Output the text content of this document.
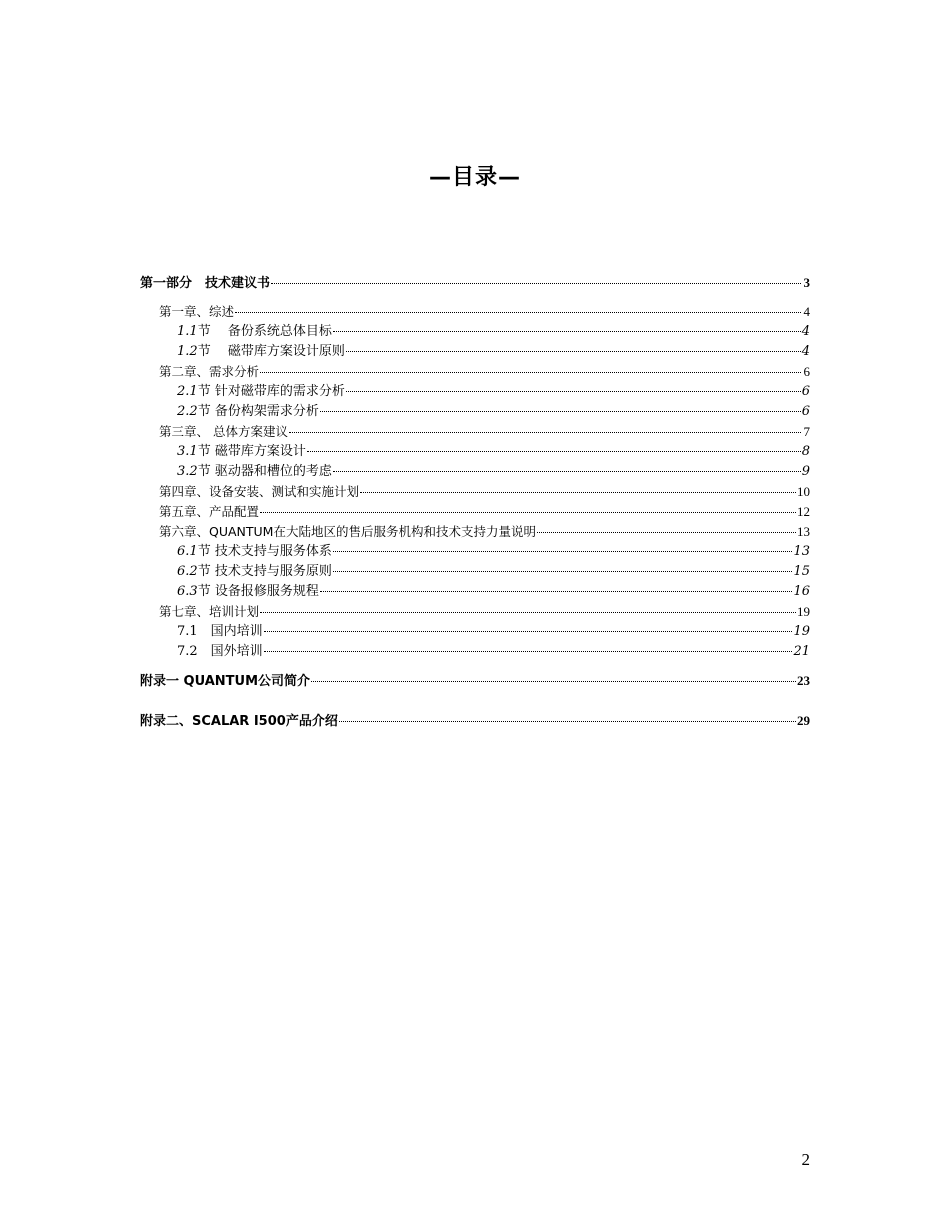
—目录—
第一部分　技术建议书	3
第一章、综述	4
1.1 节　 备份系统总体目标	4
1.2 节　 磁带库方案设计原则	4
第二章、需求分析	6
2.1 节 针对磁带库的需求分析	6
2.2 节 备份构架需求分析	6
第三章、 总体方案建议	7
3.1 节 磁带库方案设计	8
3.2 节 驱动器和槽位的考虑	9
第四章、设备安装、测试和实施计划	10
第五章、产品配置	12
第六章、QUANTUM在大陆地区的售后服务机构和技术支持力量说明	13
6.1 节 技术支持与服务体系	13
6.2 节 技术支持与服务原则	15
6.3 节 设备报修服务规程	16
第七章、培训计划	19
7.1　国内培训	19
7.2　国外培训	21
附录一 QUANTUM公司简介	23
附录二、SCALAR I500产品介绍	29
2
